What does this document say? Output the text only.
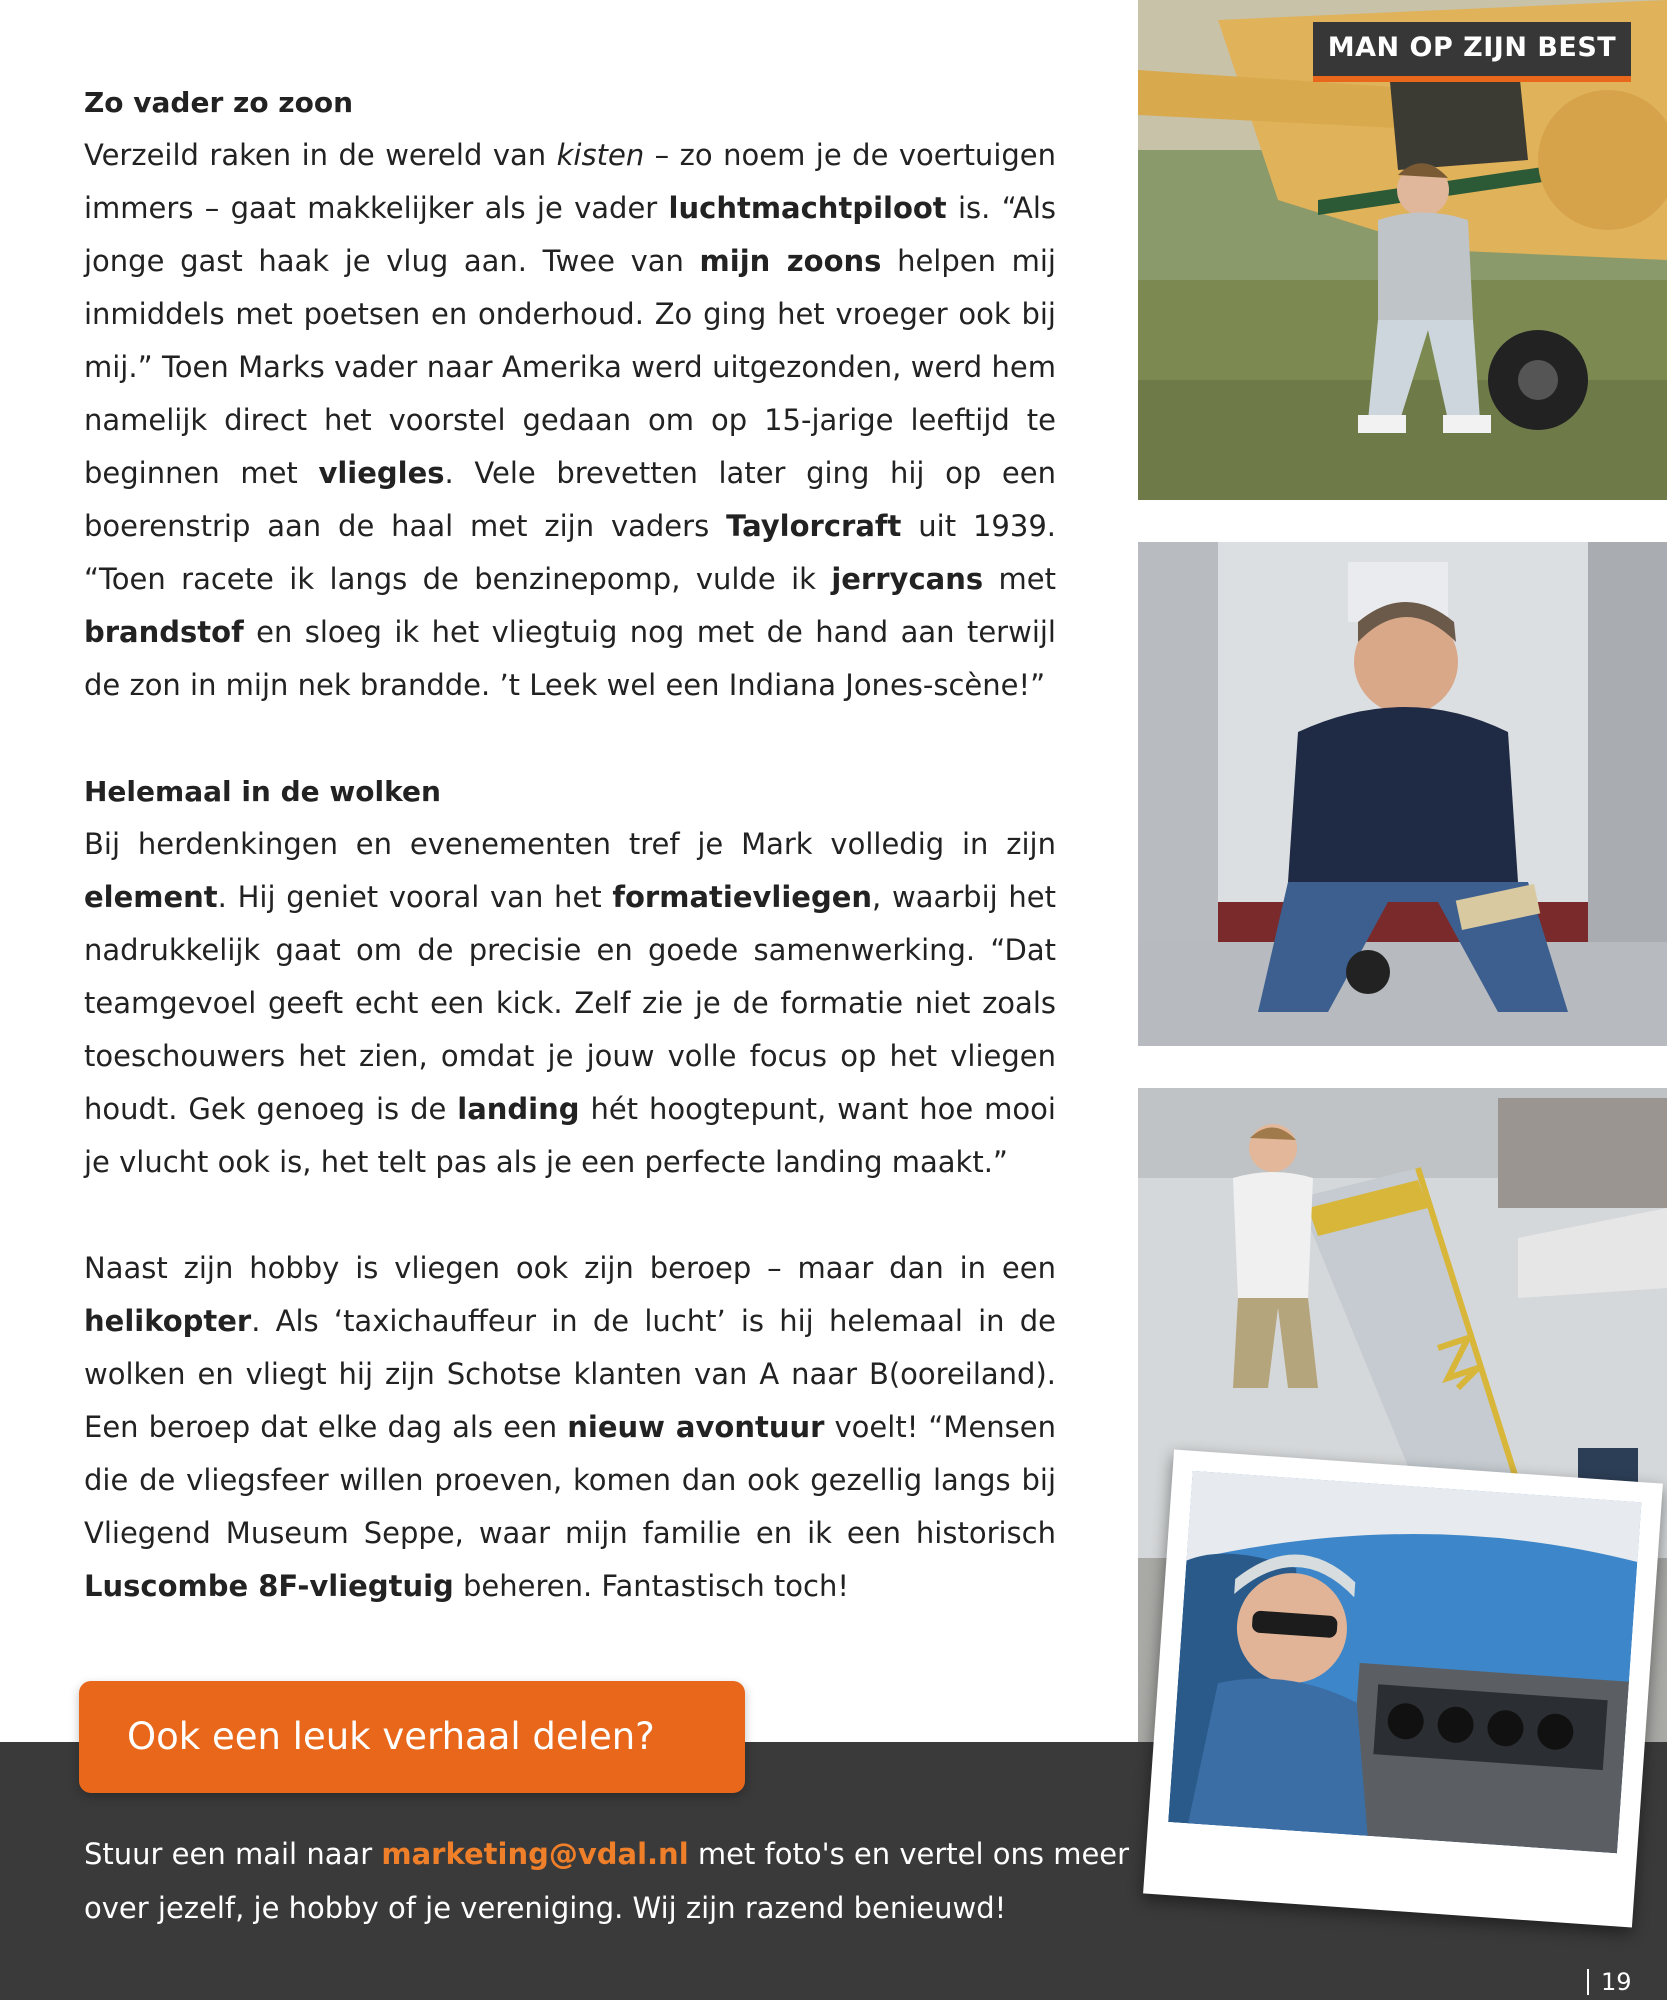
Zo vader zo zoon

Verzeild raken in de wereld van kisten – zo noem je de voertuigen immers – gaat makkelijker als je vader luchtmachtpiloot is. “Als jonge gast haak je vlug aan. Twee van mijn zoons helpen mij inmiddels met poetsen en onderhoud. Zo ging het vroeger ook bij mij.” Toen Marks vader naar Amerika werd uitgezonden, werd hem namelijk direct het voorstel gedaan om op 15-jarige leeftijd te beginnen met vliegles. Vele brevetten later ging hij op een boerenstrip aan de haal met zijn vaders Taylorcraft uit 1939. “Toen racete ik langs de benzinepomp, vulde ik jerrycans met brandstof en sloeg ik het vliegtuig nog met de hand aan terwijl de zon in mijn nek brandde. ’t Leek wel een Indiana Jones-scène!”

Helemaal in de wolken

Bij herdenkingen en evenementen tref je Mark volledig in zijn element. Hij geniet vooral van het formatievliegen, waarbij het nadrukkelijk gaat om de precisie en goede samenwerking. “Dat teamgevoel geeft echt een kick. Zelf zie je de formatie niet zoals toeschouwers het zien, omdat je jouw volle focus op het vliegen houdt. Gek genoeg is de landing hét hoogtepunt, want hoe mooi je vlucht ook is, het telt pas als je een perfecte landing maakt.”

Naast zijn hobby is vliegen ook zijn beroep – maar dan in een helikopter. Als ‘taxichauffeur in de lucht’ is hij helemaal in de wolken en vliegt hij zijn Schotse klanten van A naar B(ooreiland). Een beroep dat elke dag als een nieuw avontuur voelt! “Mensen die de vliegsfeer willen proeven, komen dan ook gezellig langs bij Vliegend Museum Seppe, waar mijn familie en ik een historisch Luscombe 8F-vliegtuig beheren. Fantastisch toch!

MAN OP ZIJN BEST
Ook een leuk verhaal delen?

Stuur een mail naar marketing@vdal.nl met foto's en vertel ons meer over jezelf, je hobby of je vereniging. Wij zijn razend benieuwd!

19
